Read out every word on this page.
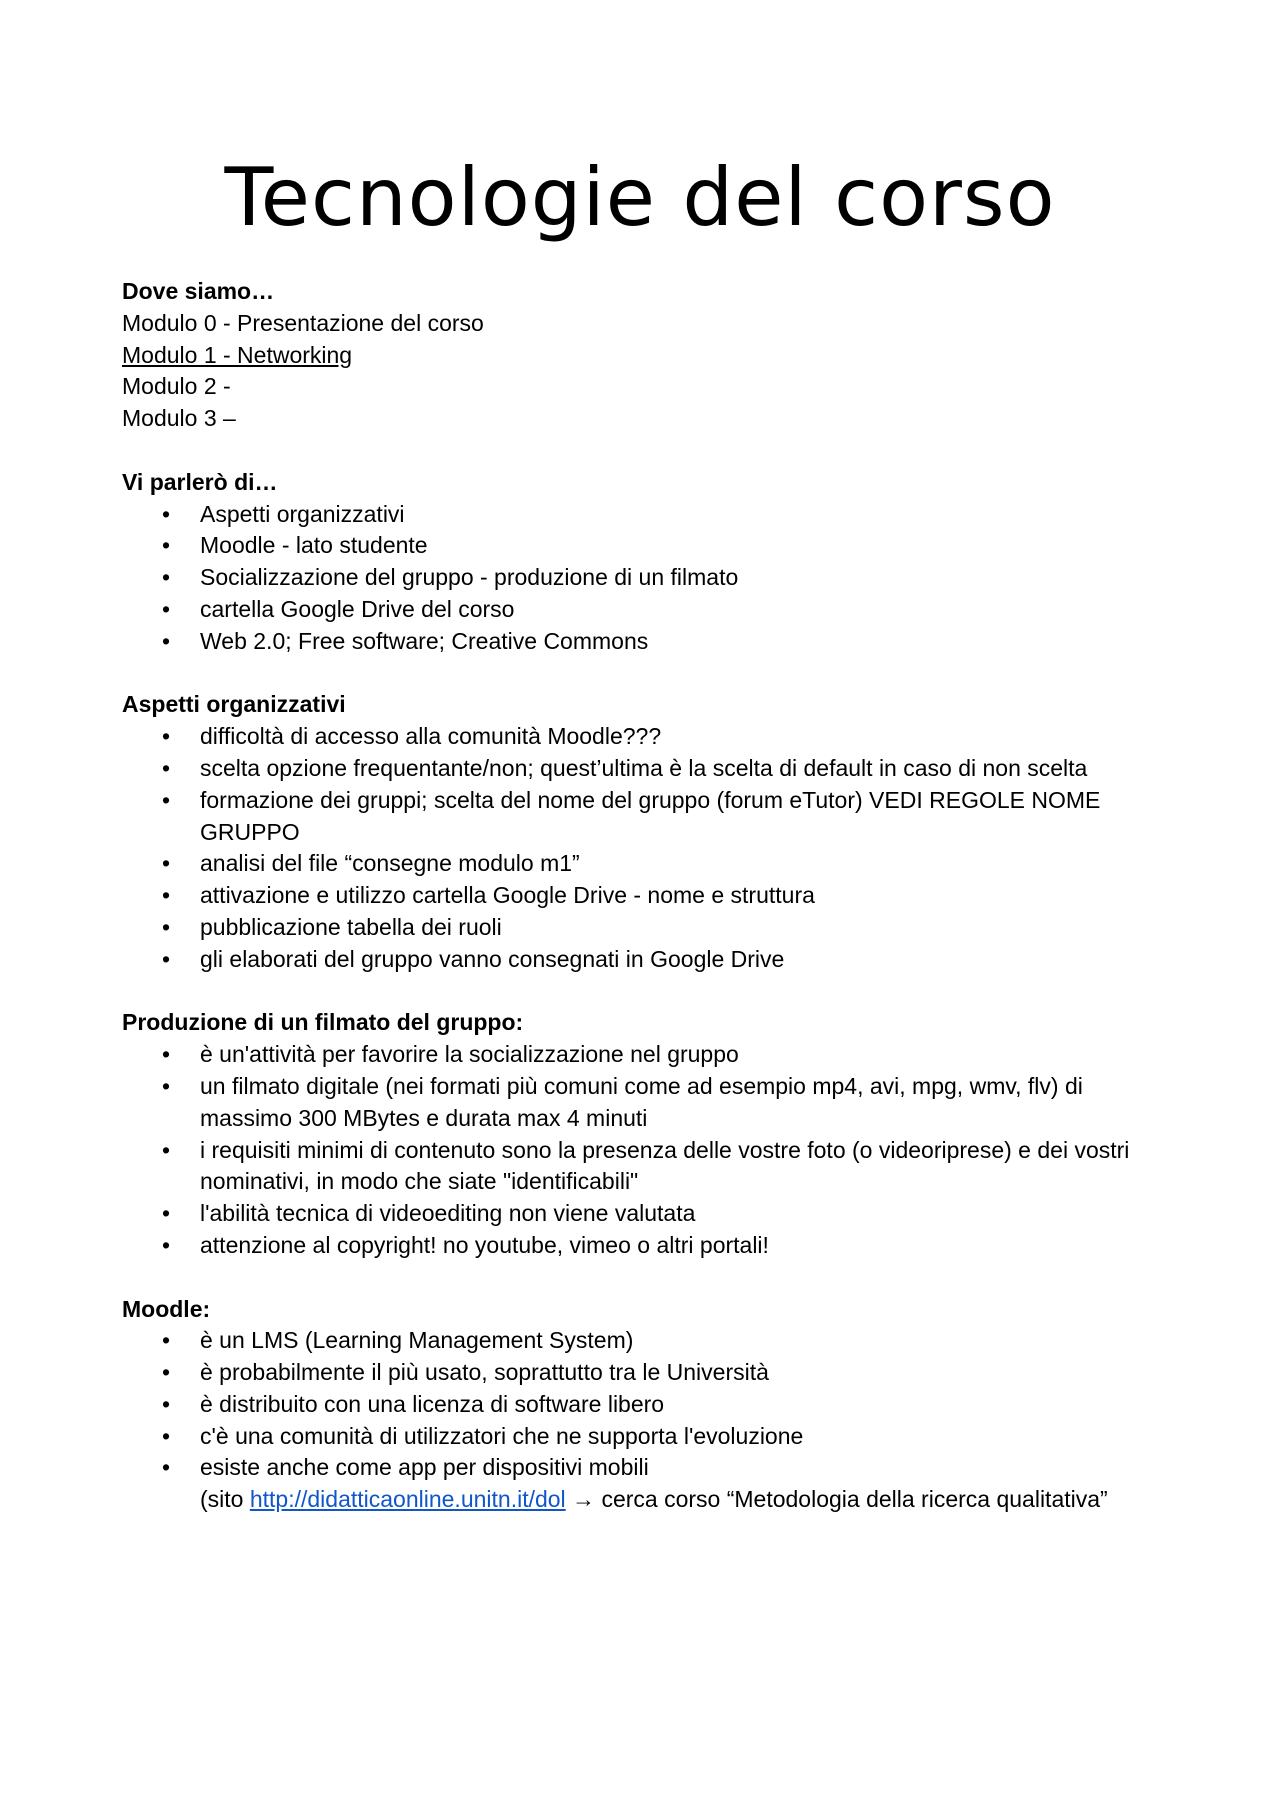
Tecnologie del corso
Dove siamo…
Modulo 0 - Presentazione del corso
Modulo 1 - Networking
Modulo 2 -
Modulo 3 –
Vi parlerò di…
• Aspetti organizzativi
• Moodle - lato studente
• Socializzazione del gruppo - produzione di un filmato
• cartella Google Drive del corso
• Web 2.0; Free software; Creative Commons
Aspetti organizzativi
• difficoltà di accesso alla comunità Moodle???
• scelta opzione frequentante/non; quest’ultima è la scelta di default in caso di non scelta
• formazione dei gruppi; scelta del nome del gruppo (forum eTutor) VEDI REGOLE NOME GRUPPO
• analisi del file “consegne modulo m1”
• attivazione e utilizzo cartella Google Drive - nome e struttura
• pubblicazione tabella dei ruoli
• gli elaborati del gruppo vanno consegnati in Google Drive
Produzione di un filmato del gruppo:
• è un'attività per favorire la socializzazione nel gruppo
• un filmato digitale (nei formati più comuni come ad esempio mp4, avi, mpg, wmv, flv) di massimo 300 MBytes e durata max 4 minuti
• i requisiti minimi di contenuto sono la presenza delle vostre foto (o videoriprese) e dei vostri nominativi, in modo che siate "identificabili"
• l'abilità tecnica di videoediting non viene valutata
• attenzione al copyright! no youtube, vimeo o altri portali!
Moodle:
• è un LMS (Learning Management System)
• è probabilmente il più usato, soprattutto tra le Università
• è distribuito con una licenza di software libero
• c'è una comunità di utilizzatori che ne supporta l'evoluzione
• esiste anche come app per dispositivi mobili
(sito http://didatticaonline.unitn.it/dol → cerca corso “Metodologia della ricerca qualitativa”
